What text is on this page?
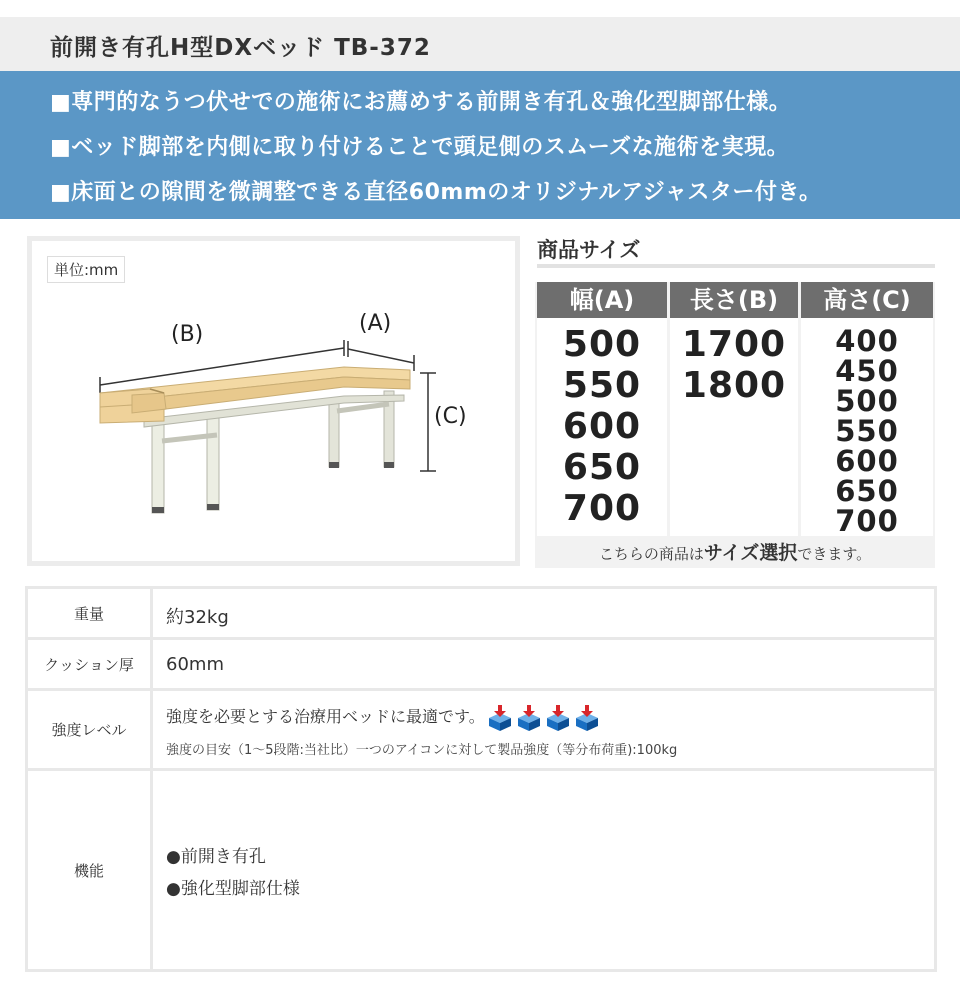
前開き有孔H型DXベッド TB-372
■専門的なうつ伏せでの施術にお薦めする前開き有孔＆強化型脚部仕様。
■ベッド脚部を内側に取り付けることで頭足側のスムーズな施術を実現。
■床面との隙間を微調整できる直径60mmのオリジナルアジャスター付き。
単位:mm
(A)
(B)
(C)
商品サイズ
幅(A)
500
550
600
650
700
長さ(B)
1700
1800
高さ(C)
400
450
500
550
600
650
700
こちらの商品はサイズ選択できます。
重量	約32kg
クッション厚	60mm
強度レベル
強度を必要とする治療用ベッドに最適です。
強度の目安（1～5段階:当社比）一つのアイコンに対して製品強度（等分布荷重):100kg
機能
●前開き有孔
●強化型脚部仕様
